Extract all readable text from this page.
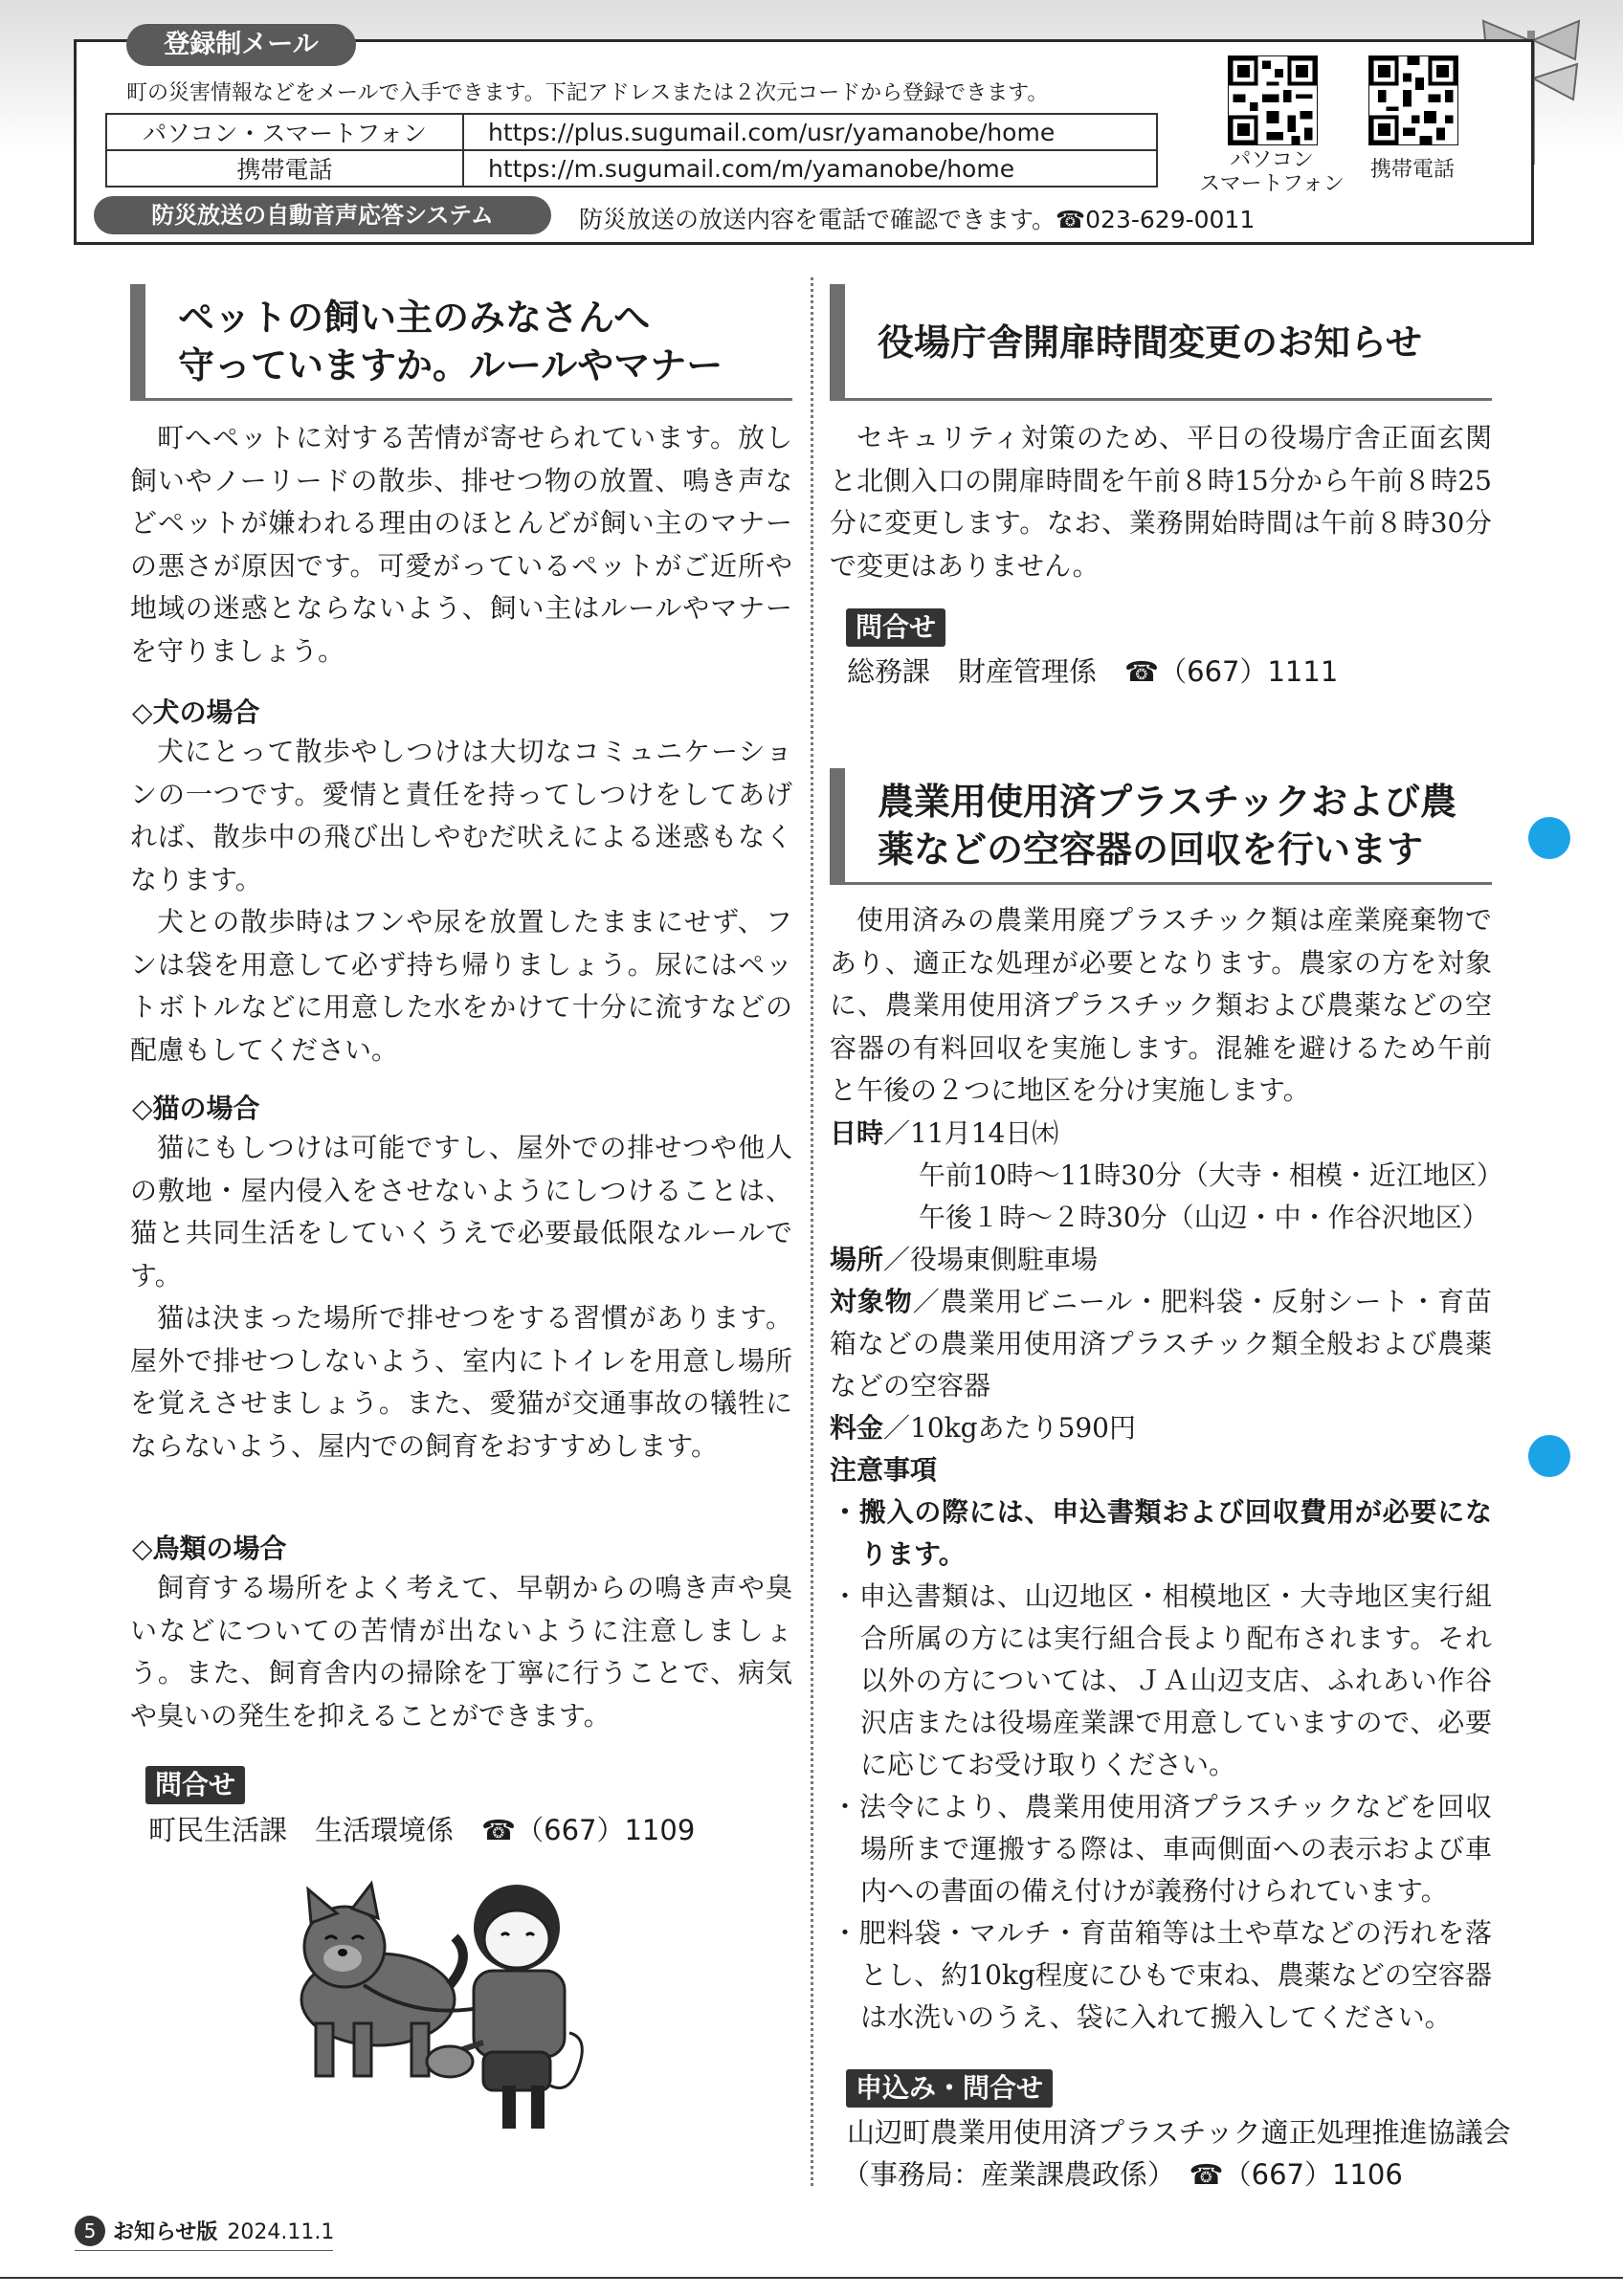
登録制メール
町の災害情報などをメールで入手できます。下記アドレスまたは２次元コードから登録できます。
パソコン・スマートフォン	https://plus.sugumail.com/usr/yamanobe/home
携帯電話	https://m.sugumail.com/m/yamanobe/home	パソコン
スマートフォン
携帯電話
防災放送の自動音声応答システム	防災放送の放送内容を電話で確認できます。☎023-629-0011
ペットの飼い主のみなさんへ
守っていますか。ルールやマナー

町へペットに対する苦情が寄せられています。放し飼いやノーリードの散歩、排せつ物の放置、鳴き声などペットが嫌われる理由のほとんどが飼い主のマナーの悪さが原因です。可愛がっているペットがご近所や地域の迷惑とならないよう、飼い主はルールやマナーを守りましょう。

◇犬の場合

犬にとって散歩やしつけは大切なコミュニケーションの一つです。愛情と責任を持ってしつけをしてあげれば、散歩中の飛び出しやむだ吠えによる迷惑もなくなります。

犬との散歩時はフンや尿を放置したままにせず、フンは袋を用意して必ず持ち帰りましょう。尿にはペットボトルなどに用意した水をかけて十分に流すなどの配慮もしてください。

◇猫の場合

猫にもしつけは可能ですし、屋外での排せつや他人の敷地・屋内侵入をさせないようにしつけることは、猫と共同生活をしていくうえで必要最低限なルールです。

猫は決まった場所で排せつをする習慣があります。屋外で排せつしないよう、室内にトイレを用意し場所を覚えさせましょう。また、愛猫が交通事故の犠牲にならないよう、屋内での飼育をおすすめします。

◇鳥類の場合

飼育する場所をよく考えて、早朝からの鳴き声や臭いなどについての苦情が出ないように注意しましょう。また、飼育舎内の掃除を丁寧に行うことで、病気や臭いの発生を抑えることができます。

問合せ
町民生活課　生活環境係　☎（667）1109
役場庁舎開扉時間変更のお知らせ

セキュリティ対策のため、平日の役場庁舎正面玄関と北側入口の開扉時間を午前８時15分から午前８時25分に変更します。なお、業務開始時間は午前８時30分で変更はありません。

問合せ
総務課　財産管理係　☎（667）1111
農業用使用済プラスチックおよび農
薬などの空容器の回収を行います

使用済みの農業用廃プラスチック類は産業廃棄物であり、適正な処理が必要となります。農家の方を対象に、農業用使用済プラスチック類および農薬などの空容器の有料回収を実施します。混雑を避けるため午前と午後の２つに地区を分け実施します。

日時／11月14日㈭
午前10時～11時30分（大寺・相模・近江地区）
午後１時～２時30分（山辺・中・作谷沢地区）
場所／役場東側駐車場
対象物／農業用ビニール・肥料袋・反射シート・育苗箱などの農業用使用済プラスチック類全般および農薬などの空容器
料金／10kgあたり590円
注意事項

・搬入の際には、申込書類および回収費用が必要になります。

・申込書類は、山辺地区・相模地区・大寺地区実行組合所属の方には実行組合長より配布されます。それ以外の方については、ＪＡ山辺支店、ふれあい作谷沢店または役場産業課で用意していますので、必要に応じてお受け取りください。

・法令により、農業用使用済プラスチックなどを回収場所まで運搬する際は、車両側面への表示および車内への書面の備え付けが義務付けられています。

・肥料袋・マルチ・育苗箱等は土や草などの汚れを落とし、約10kg程度にひもで束ね、農薬などの空容器は水洗いのうえ、袋に入れて搬入してください。

申込み・問合せ
山辺町農業用使用済プラスチック適正処理推進協議会
（事務局：産業課農政係）　☎（667）1106
5 お知らせ版 2024.11.1
